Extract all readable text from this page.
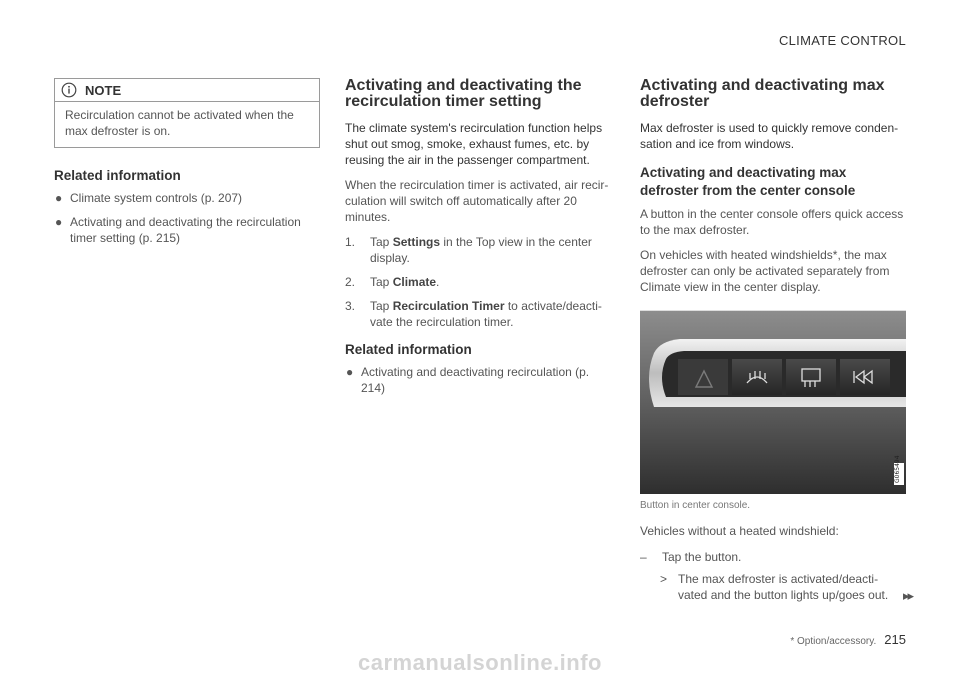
CLIMATE CONTROL
NOTE
Recirculation cannot be activated when the max defroster is on.
Related information
● Climate system controls (p. 207)
● Activating and deactivating the recirculation timer setting (p. 215)
Activating and deactivating the recirculation timer setting

The climate system's recirculation function helps shut out smog, smoke, exhaust fumes, etc. by reusing the air in the passenger compartment.

When the recirculation timer is activated, air recir-culation will switch off automatically after 20 minutes.

1. Tap Settings in the Top view in the center display.
2. Tap Climate.
3. Tap Recirculation Timer to activate/deacti-vate the recirculation timer.
Related information
● Activating and deactivating recirculation (p. 214)
Activating and deactivating max defroster

Max defroster is used to quickly remove conden-sation and ice from windows.

Activating and deactivating max defroster from the center console

A button in the center console offers quick access to the max defroster.

On vehicles with heated windshields*, the max defroster can only be activated separately from Climate view in the center display.

G065494
Button in center console.

Vehicles without a heated windshield:

– Tap the button.
> The max defroster is activated/deacti-vated and the button lights up/goes out.	▸▸
* Option/accessory. 215
carmanualsonline.info
